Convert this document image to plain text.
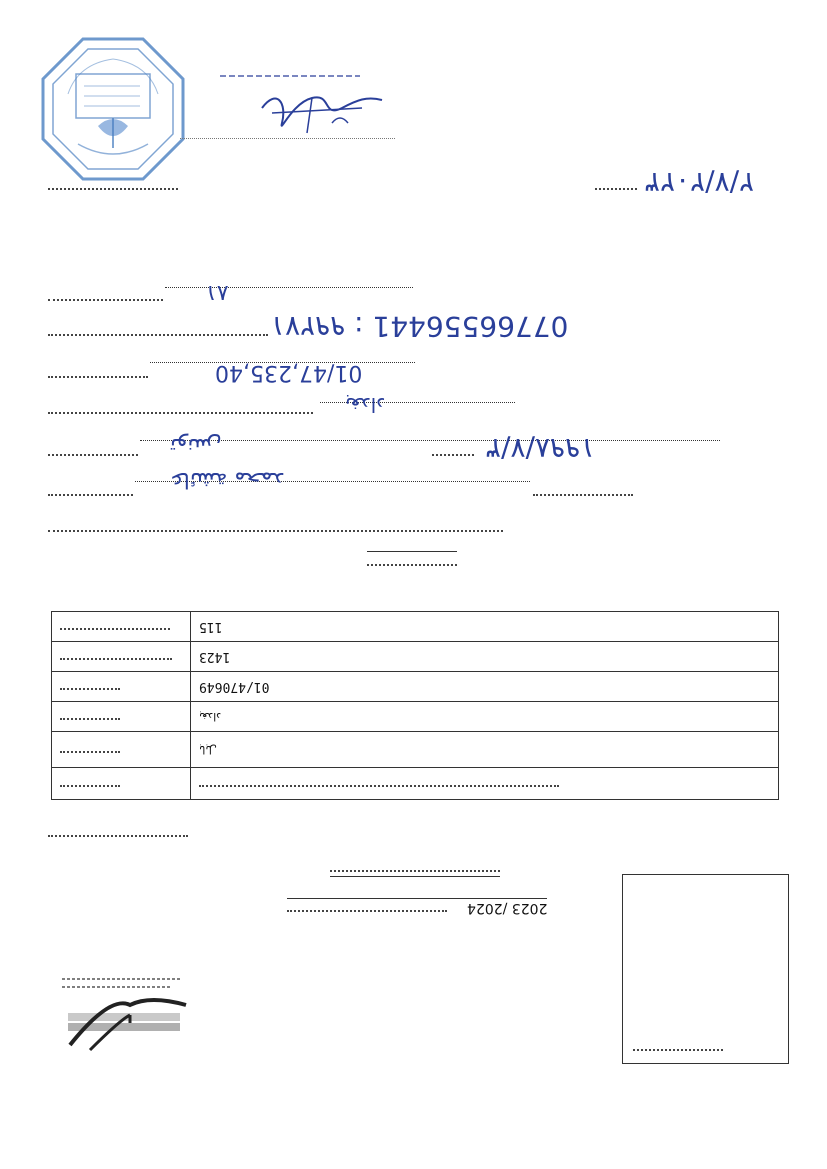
٢/٧/٢٠٢٣
٨١
07766556441 : ٩٩٢٧١
01/47,235,40
بغداد
تونس	١٩٩٨/٧/٣
عائشة محمد
	115
	1423
	01/470649
	بغداد
	بابل

2023 /2024
